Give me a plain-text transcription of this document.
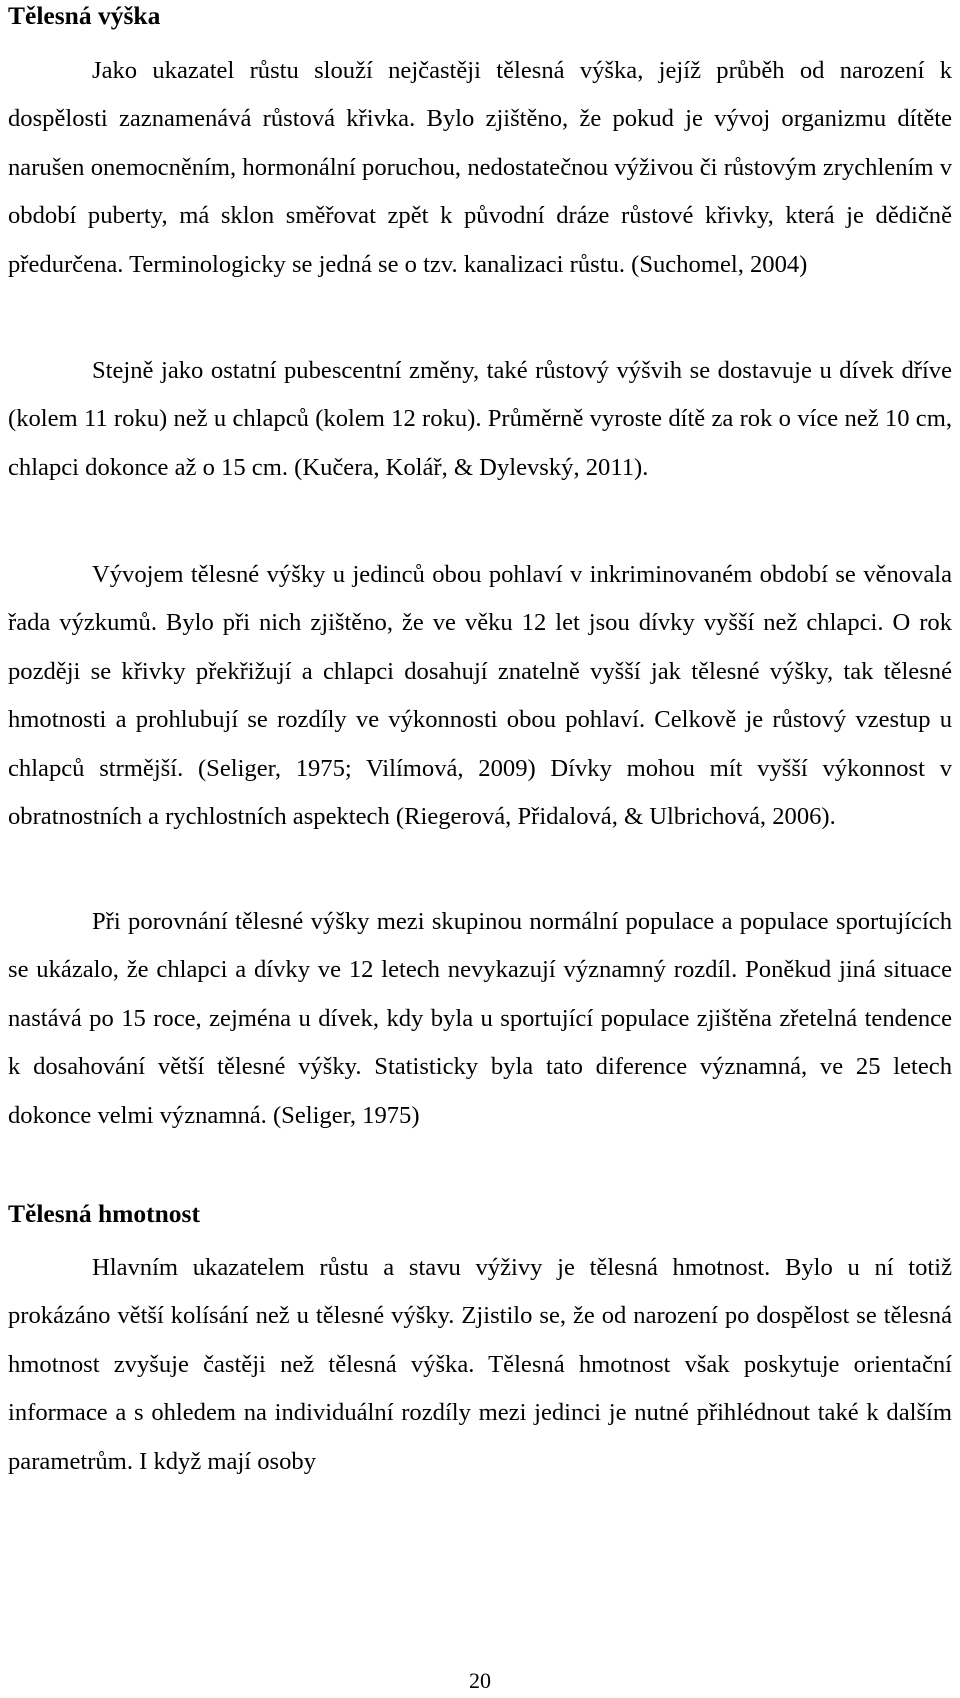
Tělesná výška

Jako ukazatel růstu slouží nejčastěji tělesná výška, jejíž průběh od narození k dospělosti zaznamenává růstová křivka. Bylo zjištěno, že pokud je vývoj organizmu dítěte narušen onemocněním, hormonální poruchou, nedostatečnou výživou či růstovým zrychlením v období puberty, má sklon směřovat zpět k původní dráze růstové křivky, která je dědičně předurčena. Terminologicky se jedná se o tzv. kanalizaci růstu. (Suchomel, 2004)

Stejně jako ostatní pubescentní změny, také růstový výšvih se dostavuje u dívek dříve (kolem 11 roku) než u chlapců (kolem 12 roku). Průměrně vyroste dítě za rok o více než 10 cm, chlapci dokonce až o 15 cm. (Kučera, Kolář, & Dylevský, 2011).

Vývojem tělesné výšky u jedinců obou pohlaví v inkriminovaném období se věnovala řada výzkumů. Bylo při nich zjištěno, že ve věku 12 let jsou dívky vyšší než chlapci. O rok později se křivky překřižují a chlapci dosahují znatelně vyšší jak tělesné výšky, tak tělesné hmotnosti a prohlubují se rozdíly ve výkonnosti obou pohlaví. Celkově je růstový vzestup u chlapců strmější. (Seliger, 1975; Vilímová, 2009) Dívky mohou mít vyšší výkonnost v obratnostních a rychlostních aspektech (Riegerová, Přidalová, & Ulbrichová, 2006).

Při porovnání tělesné výšky mezi skupinou normální populace a populace sportujících se ukázalo, že chlapci a dívky ve 12 letech nevykazují významný rozdíl. Poněkud jiná situace nastává po 15 roce, zejména u dívek, kdy byla u sportující populace zjištěna zřetelná tendence k dosahování větší tělesné výšky. Statisticky byla tato diference významná, ve 25 letech dokonce velmi významná. (Seliger, 1975)

Tělesná hmotnost

Hlavním ukazatelem růstu a stavu výživy je tělesná hmotnost. Bylo u ní totiž prokázáno větší kolísání než u tělesné výšky. Zjistilo se, že od narození po dospělost se tělesná hmotnost zvyšuje častěji než tělesná výška. Tělesná hmotnost však poskytuje orientační informace a s ohledem na individuální rozdíly mezi jedinci je nutné přihlédnout také k dalším parametrům. I když mají osoby

20
